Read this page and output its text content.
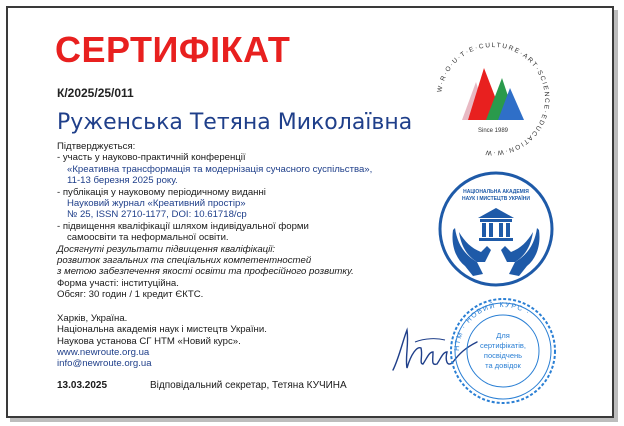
СЕРТИФІКАТ
К/2025/25/011
Руженська Тетяна Миколаївна
Підтверджується:
- участь у науково-практичній конференції
«Креативна трансформація та модернізація сучасного суспільства»,
11-13 березня 2025 року.
- публікація у науковому періодичному виданні
Науковий журнал «Креативний простір»
№ 25, ISSN 2710-1177, DOI: 10.61718/cp
- підвищення кваліфікації шляхом індивідуальної форми
самоосвіти та неформальної освіти.
Досягнуті результати підвищення кваліфікації:
розвиток загальних та спеціальних компетентностей
з метою забезпечення якості освіти та професійного розвитку.
Форма участі: інституційна.
Обсяг: 30 годин / 1 кредит ЄКТС.
Харків, Україна.
Національна академія наук і мистецтв України.
Наукова установа СГ НТМ «Новий курс».
www.newroute.org.ua
info@newroute.org.ua
13.03.2025	Відповідальний секретар, Тетяна КУЧИНА
W·R·O·U·T·E·CULTURE·ART·SCIENCE·EDUCATION·W·W
Since 1989
НАЦІОНАЛЬНА АКАДЕМІЯ
НАУК І МИСТЕЦТВ УКРАЇНИ
НТМ · НОВИЙ КУРС ·
Для
сертифікатів,
посвідчень
та довідок
